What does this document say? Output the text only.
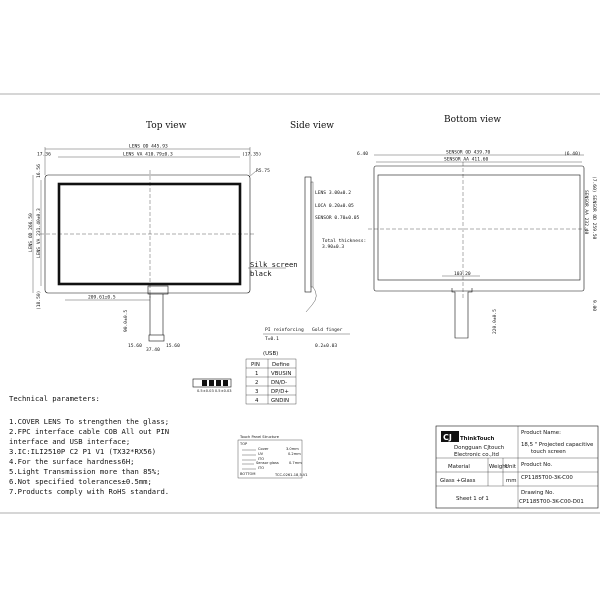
Top view	Side view
Bottom view
LENS OD 445.93
LENS VA 410.79±0.3
17.36	(17.35)
LENS OD 266.50 LENS VA 231.40±0.3
16.56
(18.50)
R5.75
Silk screen
black
209.61±0.5
90.0±0.5
15.60
37.40
15.60
LENS 3.00±0.2
LOCA 0.20±0.05
SENSOR 0.70±0.05
Total thickness:
3.90±0.3
PI reinforcing
T=0.1
Gold finger
0.2±0.03
SENSOR OD 439.70
SENSOR AA 411.60
6.40	(6.40)
(7.60)
SENSOR AA 232.40 SENSOR OD 259.50
9.00
103.20
220.0±0.5
(USB)
PIN Define
1 VBUSIN
2 DN/D-
3 DP/D+
4 GNDIN
0.5±0.03 0.5±0.03
Technical parameters:
1.COVER LENS To strengthen the glass;
2.FPC interface cable COB All out PIN
interface and USB interface;
3.IC:ILI2510P C2 P1 V1 (TX32*RX56)
4.For the surface hardness6H;
5.Light Transmission more than 85%;
6.Not specified tolerances±0.5mm;
7.Products comply with RoHS standard.
Touch Panel Structure
TOP
Cover	3.0mm
UV	0.2mm
ITO
Sensor glass	0.7mm
ITO
BOTTOM	TCC-0261-18,5-V1
CJ ThinkTouch
Dongguan CJtouch
Electronic co.,ltd
Product Name:
18,5 " Projected capacitive
touch screen
Material	Weight
Unit
Glass +Glass	mm
Product No.
CP1185T00-3K-C00
Drawing No.
CP1185T00-3K-C00-D01
Sheet 1 of 1
